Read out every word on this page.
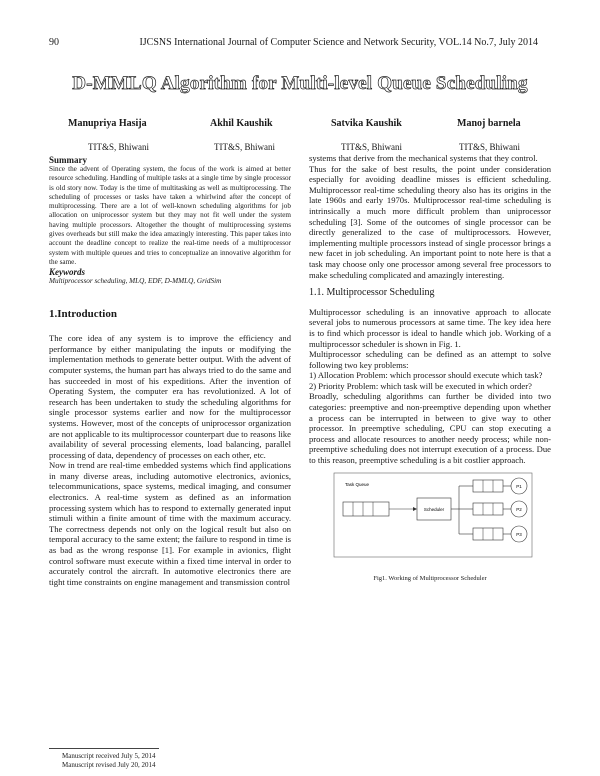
90	IJCSNS International Journal of Computer Science and Network Security, VOL.14 No.7, July 2014
D-MMLQ Algorithm for Multi-level Queue Scheduling
Manupriya Hasija	Akhil Kaushik	Satvika Kaushik	Manoj barnela
TIT&S, Bhiwani	TIT&S, Bhiwani	TIT&S, Bhiwani	TIT&S, Bhiwani
Summary
Since the advent of Operating system, the focus of the work is aimed at better resource scheduling. Handling of multiple tasks at a single time by single processor is old story now. Today is the time of multitasking as well as multiprocessing. The scheduling of processes or tasks have taken a whirlwind after the concept of multiprocessing. There are a lot of well-known scheduling algorithms for job allocation on uniprocessor system but they may not fit well under the system having multiple processors. Altogether the thought of multiprocessing systems gives overheads but still make the idea amazingly interesting. This paper takes into account the deadline concept to realize the real-time needs of a multiprocessor system with multiple queues and tries to conceptualize an innovative algorithm for the same.
Keywords
Multiprocessor scheduling, MLQ, EDF, D-MMLQ, GridSim
1.Introduction
The core idea of any system is to improve the efficiency and performance by either manipulating the inputs or modifying the implementation methods to generate better output. With the advent of computer systems, the human part has always tried to do the same and has succeeded in most of his expeditions. After the invention of Operating System, the computer era has revolutionized. A lot of research has been undertaken to study the scheduling algorithms for single processor systems earlier and now for the multiprocessor systems. However, most of the concepts of uniprocessor organization are not applicable to its multiprocessor counterpart due to reasons like availability of several processing elements, load balancing, parallel processing of data, dependency of processes on each other, etc.
Now in trend are real-time embedded systems which find applications in many diverse areas, including automotive electronics, avionics, telecommunications, space systems, medical imaging, and consumer electronics. A real-time system as defined as an information processing system which has to respond to externally generated input stimuli within a finite amount of time with the maximum accuracy. The correctness depends not only on the logical result but also on temporal accuracy to the same extent; the failure to respond in time is as bad as the wrong response [1]. For example in avionics, flight control software must execute within a fixed time interval in order to accurately control the aircraft. In automotive electronics there are tight time constraints on engine management and transmission control
systems that derive from the mechanical systems that they control.
Thus for the sake of best results, the point under consideration especially for avoiding deadline misses is efficient scheduling. Multiprocessor real-time scheduling theory also has its origins in the late 1960s and early 1970s. Multiprocessor real-time scheduling is intrinsically a much more difficult problem than uniprocessor scheduling [3]. Some of the outcomes of single processor can be directly generalized to the case of multiprocessors. However, implementing multiple processors instead of single processor brings a new facet in job scheduling. An important point to note here is that a task may choose only one processor among several free processors to make scheduling complicated and amazingly interesting.
1.1. Multiprocessor Scheduling
Multiprocessor scheduling is an innovative approach to allocate several jobs to numerous processors at same time. The key idea here is to find which processor is ideal to handle which job. Working of a multiprocessor scheduler is shown in Fig. 1.
Multiprocessor scheduling can be defined as an attempt to solve following two key problems:
1) Allocation Problem: which processor should execute which task?
2) Priority Problem: which task will be executed in which order?
Broadly, scheduling algorithms can further be divided into two categories: preemptive and non-preemptive depending upon whether a process can be interrupted in between to give way to other processor. In preemptive scheduling, CPU can stop executing a process and allocate resources to another needy process; while non-preemptive scheduling does not interrupt execution of a process. Due to this reason, preemptive scheduling is a bit costlier approach.
Task Queue
Scheduler
P1
P2
P3
Fig1. Working of Multiprocessor Scheduler
Manuscript received July 5, 2014
Manuscript revised July 20, 2014
